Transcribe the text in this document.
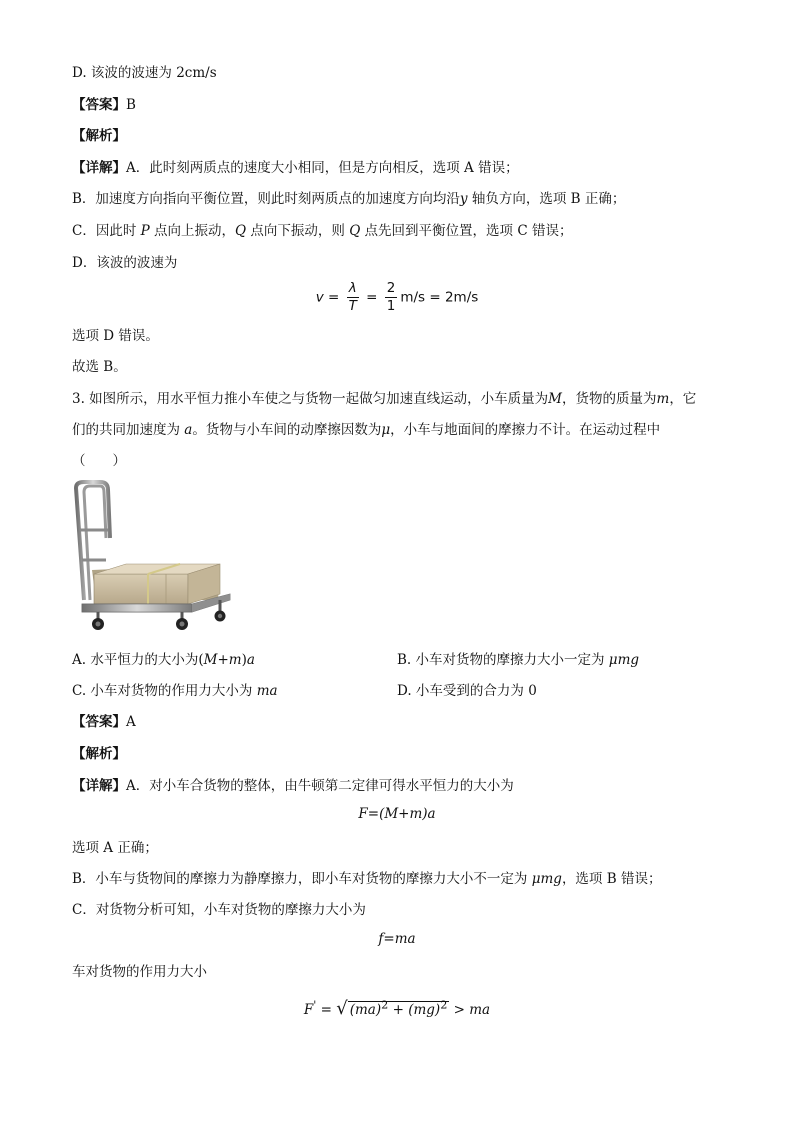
D. 该波的波速为 2cm/s
【答案】B
【解析】
【详解】A．此时刻两质点的速度大小相同，但是方向相反，选项 A 错误；
B．加速度方向指向平衡位置，则此时刻两质点的加速度方向均沿y 轴负方向，选项 B 正确；
C．因此时 P 点向上振动，Q 点向下振动，则 Q 点先回到平衡位置，选项 C 错误；
D．该波的波速为
$v = \frac{\lambda}{T} = \frac{2}{1} m/s = 2m/s$
选项 D 错误。
故选 B。
3. 如图所示，用水平恒力推小车使之与货物一起做匀加速直线运动，小车质量为M，货物的质量为m，它
们的共同加速度为 a。货物与小车间的动摩擦因数为μ，小车与地面间的摩擦力不计。在运动过程中
（　　）
A. 水平恒力的大小为(M+m)a	B. 小车对货物的摩擦力大小一定为 μmg
C. 小车对货物的作用力大小为 ma	D. 小车受到的合力为 0
【答案】A
【解析】
【详解】A．对小车合货物的整体，由牛顿第二定律可得水平恒力的大小为
F=(M+m)a
选项 A 正确；
B．小车与货物间的摩擦力为静摩擦力，即小车对货物的摩擦力大小不一定为 μmg，选项 B 错误；
C．对货物分析可知，小车对货物的摩擦力大小为
f=ma
车对货物的作用力大小
F' = √ (ma)$^2$ + (mg)$^2$ > ma
